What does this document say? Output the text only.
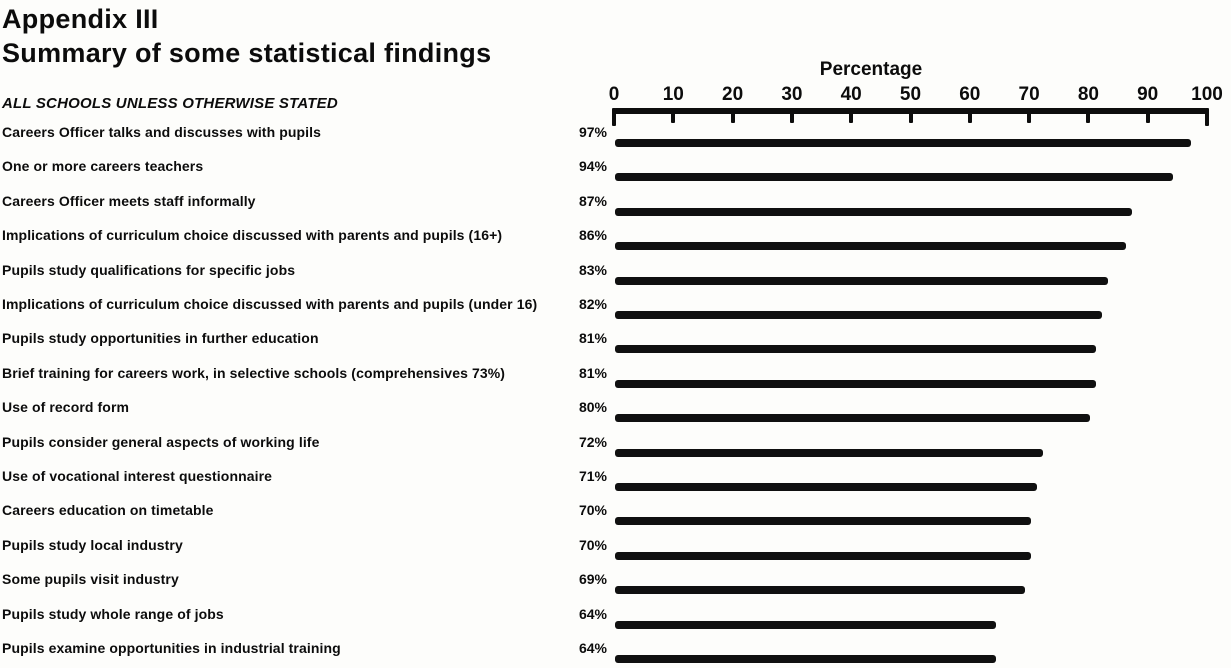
Appendix III
Summary of some statistical findings
ALL SCHOOLS UNLESS OTHERWISE STATED
Percentage
0 10 20 30 40 50 60 70 80 90 100
Careers Officer talks and discusses with pupils	97%
One or more careers teachers	94%
Careers Officer meets staff informally	87%
Implications of curriculum choice discussed with parents and pupils (16+)	86%
Pupils study qualifications for specific jobs	83%
Implications of curriculum choice discussed with parents and pupils (under 16)	82%
Pupils study opportunities in further education	81%
Brief training for careers work, in selective schools (comprehensives 73%)	81%
Use of record form	80%
Pupils consider general aspects of working life	72%
Use of vocational interest questionnaire	71%
Careers education on timetable	70%
Pupils study local industry	70%
Some pupils visit industry	69%
Pupils study whole range of jobs	64%
Pupils examine opportunities in industrial training	64%
